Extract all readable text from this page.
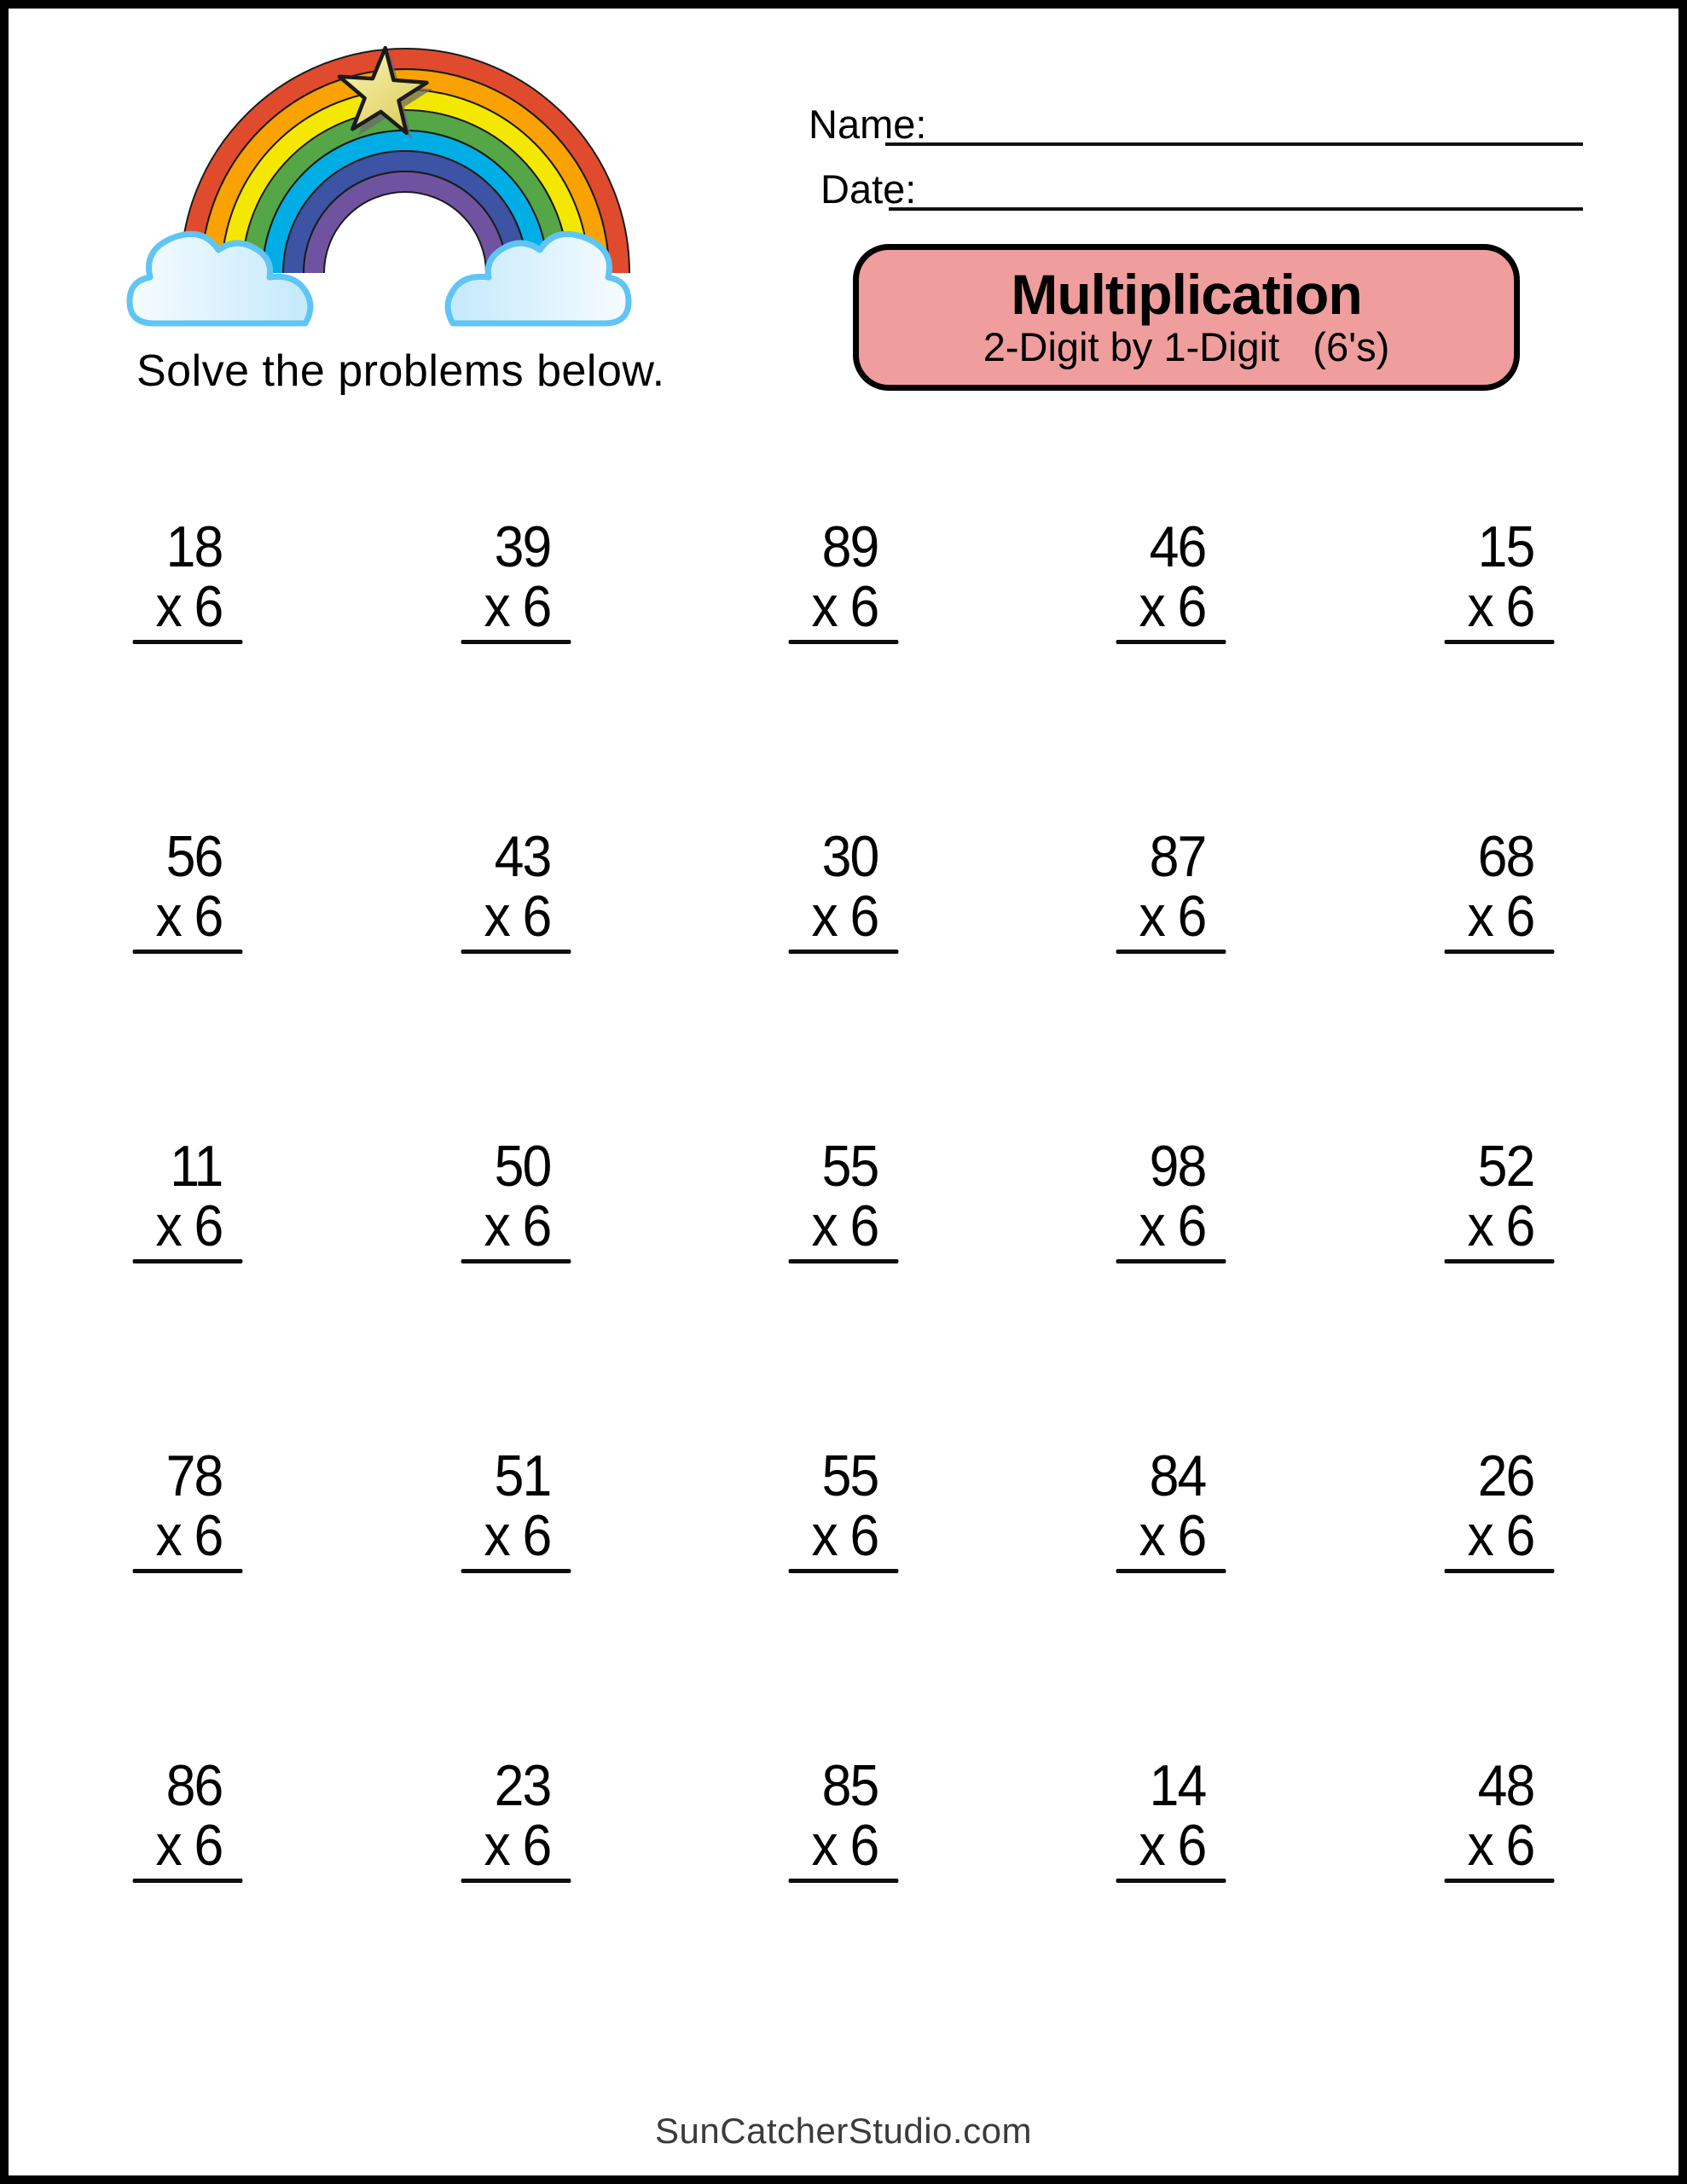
Solve the problems below.
Name:
Date:
Multiplication
2-Digit by 1-Digit   (6's)
18
x 6
39
x 6
89
x 6
46
x 6
15
x 6
56
x 6
43
x 6
30
x 6
87
x 6
68
x 6
11
x 6
50
x 6
55
x 6
98
x 6
52
x 6
78
x 6
51
x 6
55
x 6
84
x 6
26
x 6
86
x 6
23
x 6
85
x 6
14
x 6
48
x 6
SunCatcherStudio.com
